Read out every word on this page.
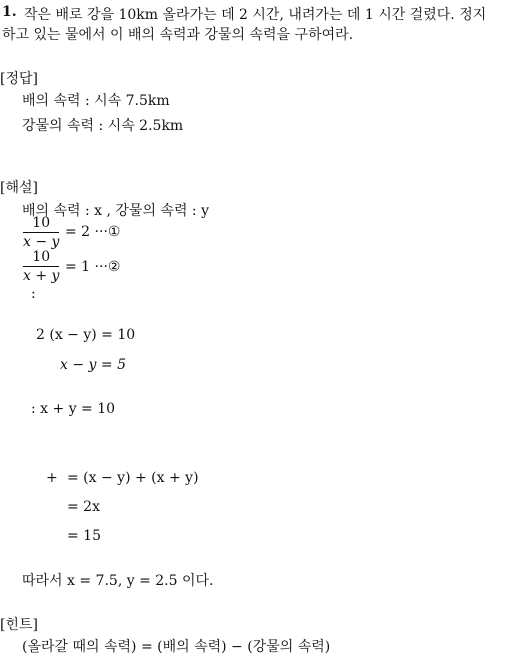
1. 작은 배로 강을 10km 올라가는 데 2 시간, 내려가는 데 1 시간 걸렸다. 정지
하고 있는 물에서 이 배의 속력과 강물의 속력을 구하여라.
[정답]
배의 속력 : 시속 7.5km
강물의 속력 : 시속 2.5km
[해설]
배의 속력 : x , 강물의 속력 : y
10
x − y
= 2 ···①
10
x + y
= 1 ···②
:
2 (x − y) = 10
x − y = 5
: x + y = 10
+ = (x − y) + (x + y)
= 2x
= 15
따라서 x = 7.5, y = 2.5 이다.
[힌트]
(올라갈 때의 속력) = (배의 속력) − (강물의 속력)
